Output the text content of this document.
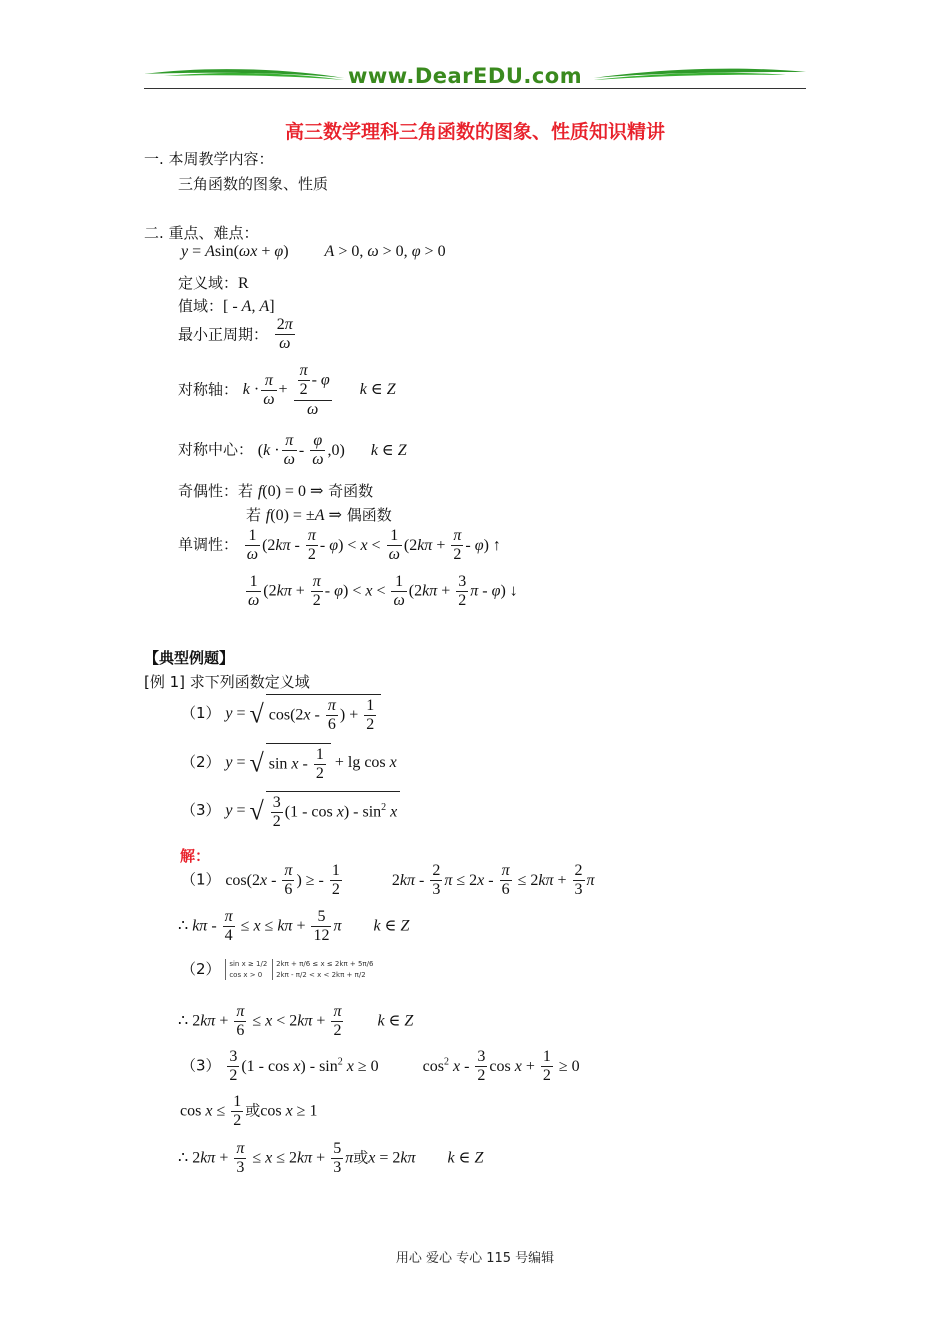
www.DearEDU.com
高三数学理科三角函数的图象、性质知识精讲
一. 本周教学内容：
三角函数的图象、性质
二. 重点、难点：
y = Asin(ωx + φ)  A > 0, ω > 0, φ > 0
定义域：R
值域：[ - A, A]
最小正周期： $\frac{2\pi}{\omega}$
对称轴： $k \cdot \frac{\pi}{\omega} + \frac{\frac{\pi}{2} - \varphi}{\omega}$ k ∈ Z
对称中心： $(k \cdot \frac{\pi}{\omega} - \frac{\varphi}{\omega} ,0)$ k ∈ Z
奇偶性：若 f(0) = 0 ⇒ 奇函数
若 f(0) = ±A ⇒ 偶函数
单调性： $\frac{1}{\omega} (2k\pi - \frac{\pi}{2} - \varphi) < x < \frac{1}{\omega} (2k\pi + \frac{\pi}{2} - \varphi)$ ↑
$\frac{1}{\omega} (2k\pi + \frac{\pi}{2} - \varphi) < x < \frac{1}{\omega} (2k\pi + \frac{3}{2}$ π - φ) ↓
【典型例题】
[例 1] 求下列函数定义域
（1） y = √ $\cos(2x - \frac{\pi}{6}$ ) + $\frac{1}{2}$
（2） y = √ $\sin x - \frac{1}{2} + \lg \cos x$
（3） y = √ $\frac{3}{2} (1$ - $\cos x) - \sin^2 x$
解：
（1） $\cos(2x - \frac{\pi}{6}$ ) ≥ - $\frac{1}{2}$	$2k\pi - \frac{2}{3}$ $\pi \le 2x - \frac{\pi}{6} \le 2k\pi + \frac{2}{3}$ π
∴ $k\pi - \frac{\pi}{4} \le x \le k\pi + \frac{5}{12}$ π k ∈ Z
（2） sin x ≥ 1/2
cos x > 0 2kπ + π/6 ≤ x ≤ 2kπ + 5π/6
2kπ - π/2 < x < 2kπ + π/2
∴ $2k\pi + \frac{\pi}{6} \le x < 2k\pi + \frac{\pi}{2}$ k ∈ Z
$(3) \frac{3}{2} (1 - \cos x) - \sin^2 x \ge 0$  $\cos^2 x - \frac{3}{2}$ $\cos x + \frac{1}{2} \ge 0$
$\cos x \le \frac{1}{2}$ 或cos x ≥ 1
∴ $2k\pi + \frac{\pi}{3} \le x \le 2k\pi + \frac{5}{3}$ π或x = 2kπ k ∈ Z
用心 爱心 专心 115 号编辑
